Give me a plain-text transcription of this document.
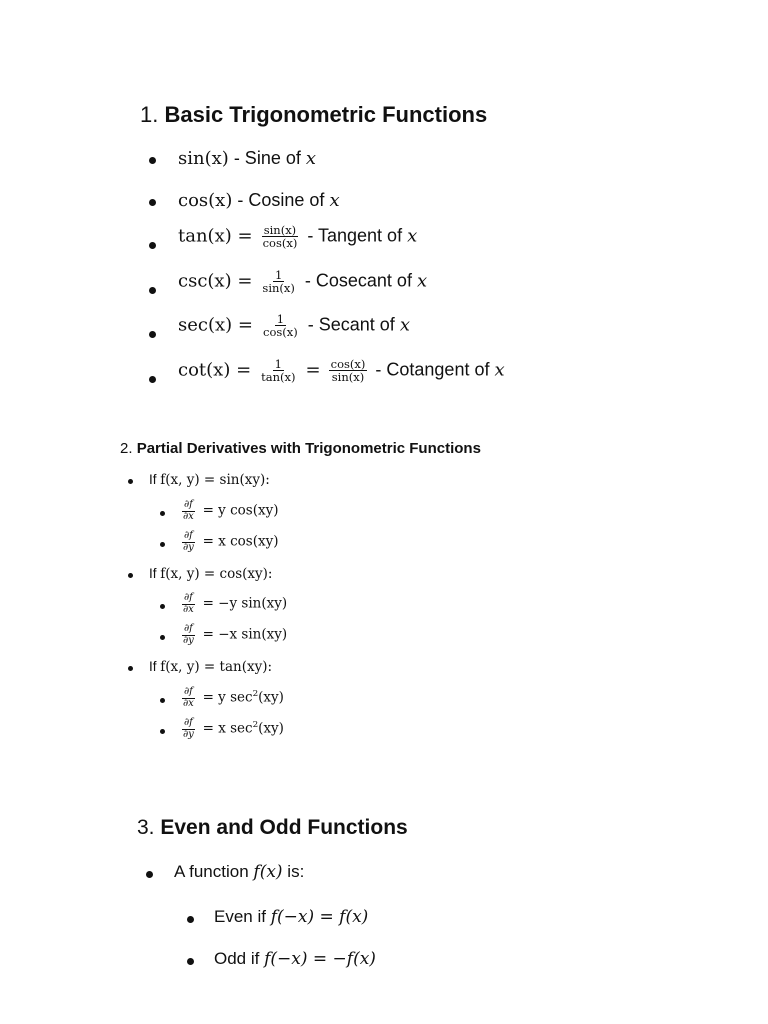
1. Basic Trigonometric Functions
sin(x) - Sine of x
cos(x) - Cosine of x
$\tan(x) = \frac{\sin(x)}{\cos(x)}$ - Tangent of x
$\csc(x) = \frac{1}{\sin(x)}$ - Cosecant of x
$\sec(x) = \frac{1}{\cos(x)}$ - Secant of x
$\cot(x) = \frac{1}{\tan(x)} = \frac{\cos(x)}{\sin(x)}$ - Cotangent of x
2. Partial Derivatives with Trigonometric Functions
If f(x, y) = sin(xy):
$\frac{\partial f}{\partial x} = y$ cos(xy)
$\frac{\partial f}{\partial y} = x$ cos(xy)
If f(x, y) = cos(xy):
$\frac{\partial f}{\partial x} = -y$ sin(xy)
$\frac{\partial f}{\partial y} = -x$ sin(xy)
If f(x, y) = tan(xy):
$\frac{\partial f}{\partial x} = y$ $\sec^2(xy)$
$\frac{\partial f}{\partial y} = x$ $\sec^2(xy)$
3. Even and Odd Functions
A function f(x) is:
Even if f(−x) = f(x)
Odd if f(−x) = −f(x)
